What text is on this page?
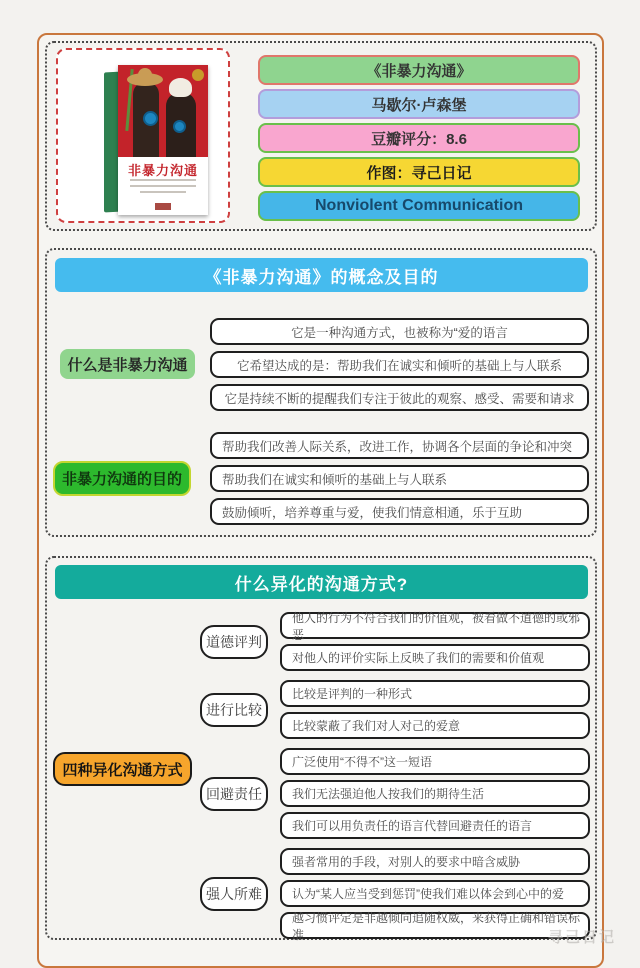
非暴力沟通
《非暴力沟通》
马歇尔·卢森堡
豆瓣评分：8.6
作图：寻己日记
Nonviolent Communication
《非暴力沟通》的概念及目的
什么是非暴力沟通
它是一种沟通方式，也被称为“爱的语言
它希望达成的是：帮助我们在诚实和倾听的基础上与人联系
它是持续不断的提醒我们专注于彼此的观察、感受、需要和请求
非暴力沟通的目的
帮助我们改善人际关系，改进工作，协调各个层面的争论和冲突
帮助我们在诚实和倾听的基础上与人联系
鼓励倾听，培养尊重与爱，使我们情意相通，乐于互助
什么异化的沟通方式?
四种异化沟通方式
道德评判
进行比较
回避责任
强人所难
他人的行为不符合我们的价值观，被看做不道德的或邪恶
对他人的评价实际上反映了我们的需要和价值观
比较是评判的一种形式
比较蒙蔽了我们对人对己的爱意
广泛使用“不得不”这一短语
我们无法强迫他人按我们的期待生活
我们可以用负责任的语言代替回避责任的语言
强者常用的手段，对别人的要求中暗含威胁
认为“某人应当受到惩罚”使我们难以体会到心中的爱
越习惯评定是非越倾向追随权威，来获得正确和错误标准	寻己日记
